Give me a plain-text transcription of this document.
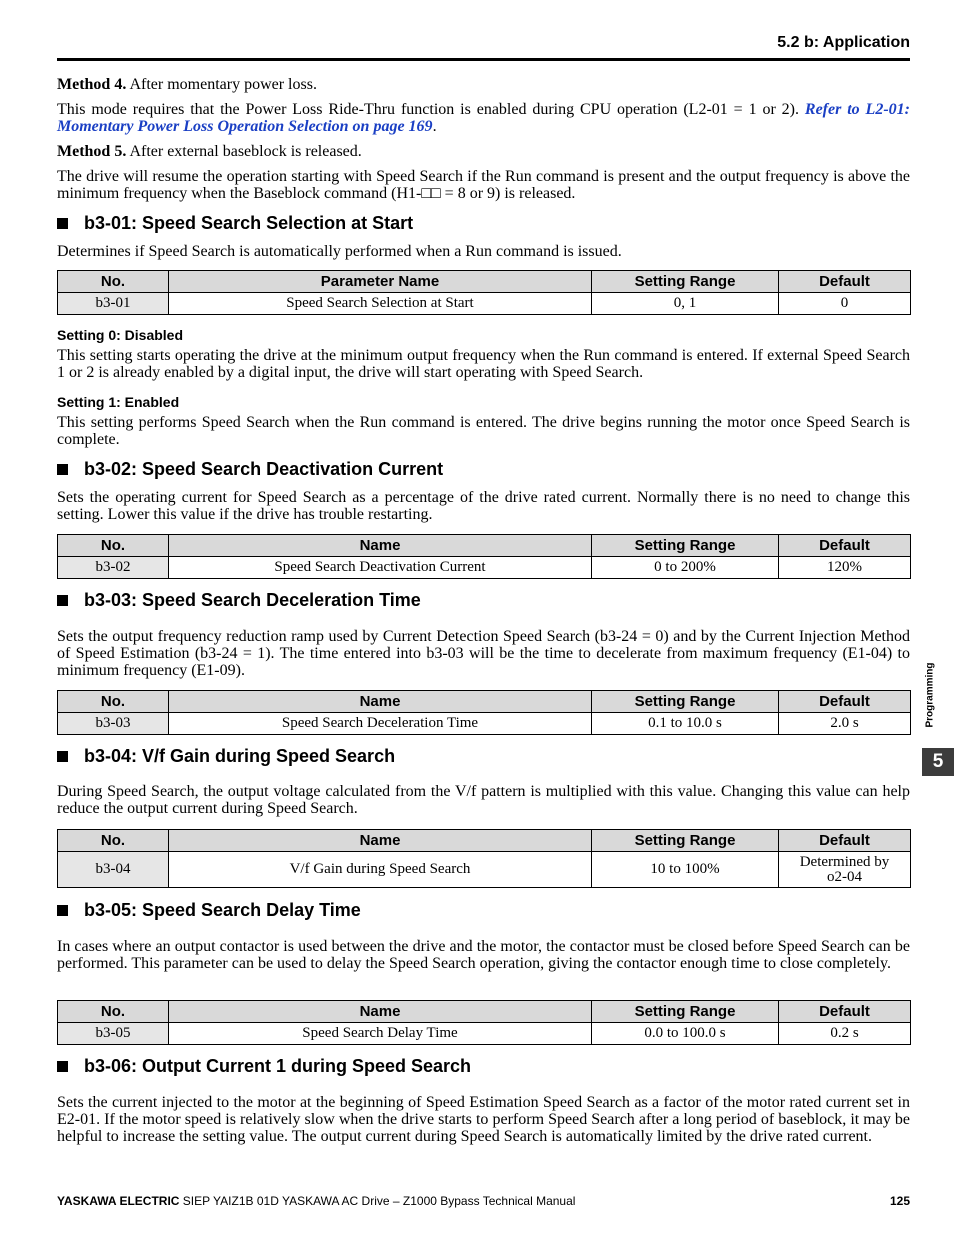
5.2 b: Application
Programming
5
Method 4. After momentary power loss.
This mode requires that the Power Loss Ride-Thru function is enabled during CPU operation (L2-01 = 1 or 2). Refer to L2-01: Momentary Power Loss Operation Selection on page 169.
Method 5. After external baseblock is released.
The drive will resume the operation starting with Speed Search if the Run command is present and the output frequency is above the minimum frequency when the Baseblock command (H1-□□ = 8 or 9) is released.
b3-01: Speed Search Selection at Start
Determines if Speed Search is automatically performed when a Run command is issued.
No.	Parameter Name	Setting Range	Default
b3-01	Speed Search Selection at Start	0, 1	0
Setting 0: Disabled
This setting starts operating the drive at the minimum output frequency when the Run command is entered. If external Speed Search 1 or 2 is already enabled by a digital input, the drive will start operating with Speed Search.
Setting 1: Enabled
This setting performs Speed Search when the Run command is entered. The drive begins running the motor once Speed Search is complete.
b3-02: Speed Search Deactivation Current
Sets the operating current for Speed Search as a percentage of the drive rated current. Normally there is no need to change this setting. Lower this value if the drive has trouble restarting.
No.	Name	Setting Range	Default
b3-02	Speed Search Deactivation Current	0 to 200%	120%
b3-03: Speed Search Deceleration Time
Sets the output frequency reduction ramp used by Current Detection Speed Search (b3-24 = 0) and by the Current Injection Method of Speed Estimation (b3-24 = 1). The time entered into b3-03 will be the time to decelerate from maximum frequency (E1-04) to minimum frequency (E1-09).
No.	Name	Setting Range	Default
b3-03	Speed Search Deceleration Time	0.1 to 10.0 s	2.0 s
b3-04: V/f Gain during Speed Search
During Speed Search, the output voltage calculated from the V/f pattern is multiplied with this value. Changing this value can help reduce the output current during Speed Search.
No.	Name	Setting Range	Default
b3-04	V/f Gain during Speed Search	10 to 100%	Determined by
o2-04
b3-05: Speed Search Delay Time
In cases where an output contactor is used between the drive and the motor, the contactor must be closed before Speed Search can be performed. This parameter can be used to delay the Speed Search operation, giving the contactor enough time to close completely.
No.	Name	Setting Range	Default
b3-05	Speed Search Delay Time	0.0 to 100.0 s	0.2 s
b3-06: Output Current 1 during Speed Search
Sets the current injected to the motor at the beginning of Speed Estimation Speed Search as a factor of the motor rated current set in E2-01. If the motor speed is relatively slow when the drive starts to perform Speed Search after a long period of baseblock, it may be helpful to increase the setting value. The output current during Speed Search is automatically limited by the drive rated current.
YASKAWA ELECTRIC SIEP YAIZ1B 01D YASKAWA AC Drive – Z1000 Bypass Technical Manual	125
